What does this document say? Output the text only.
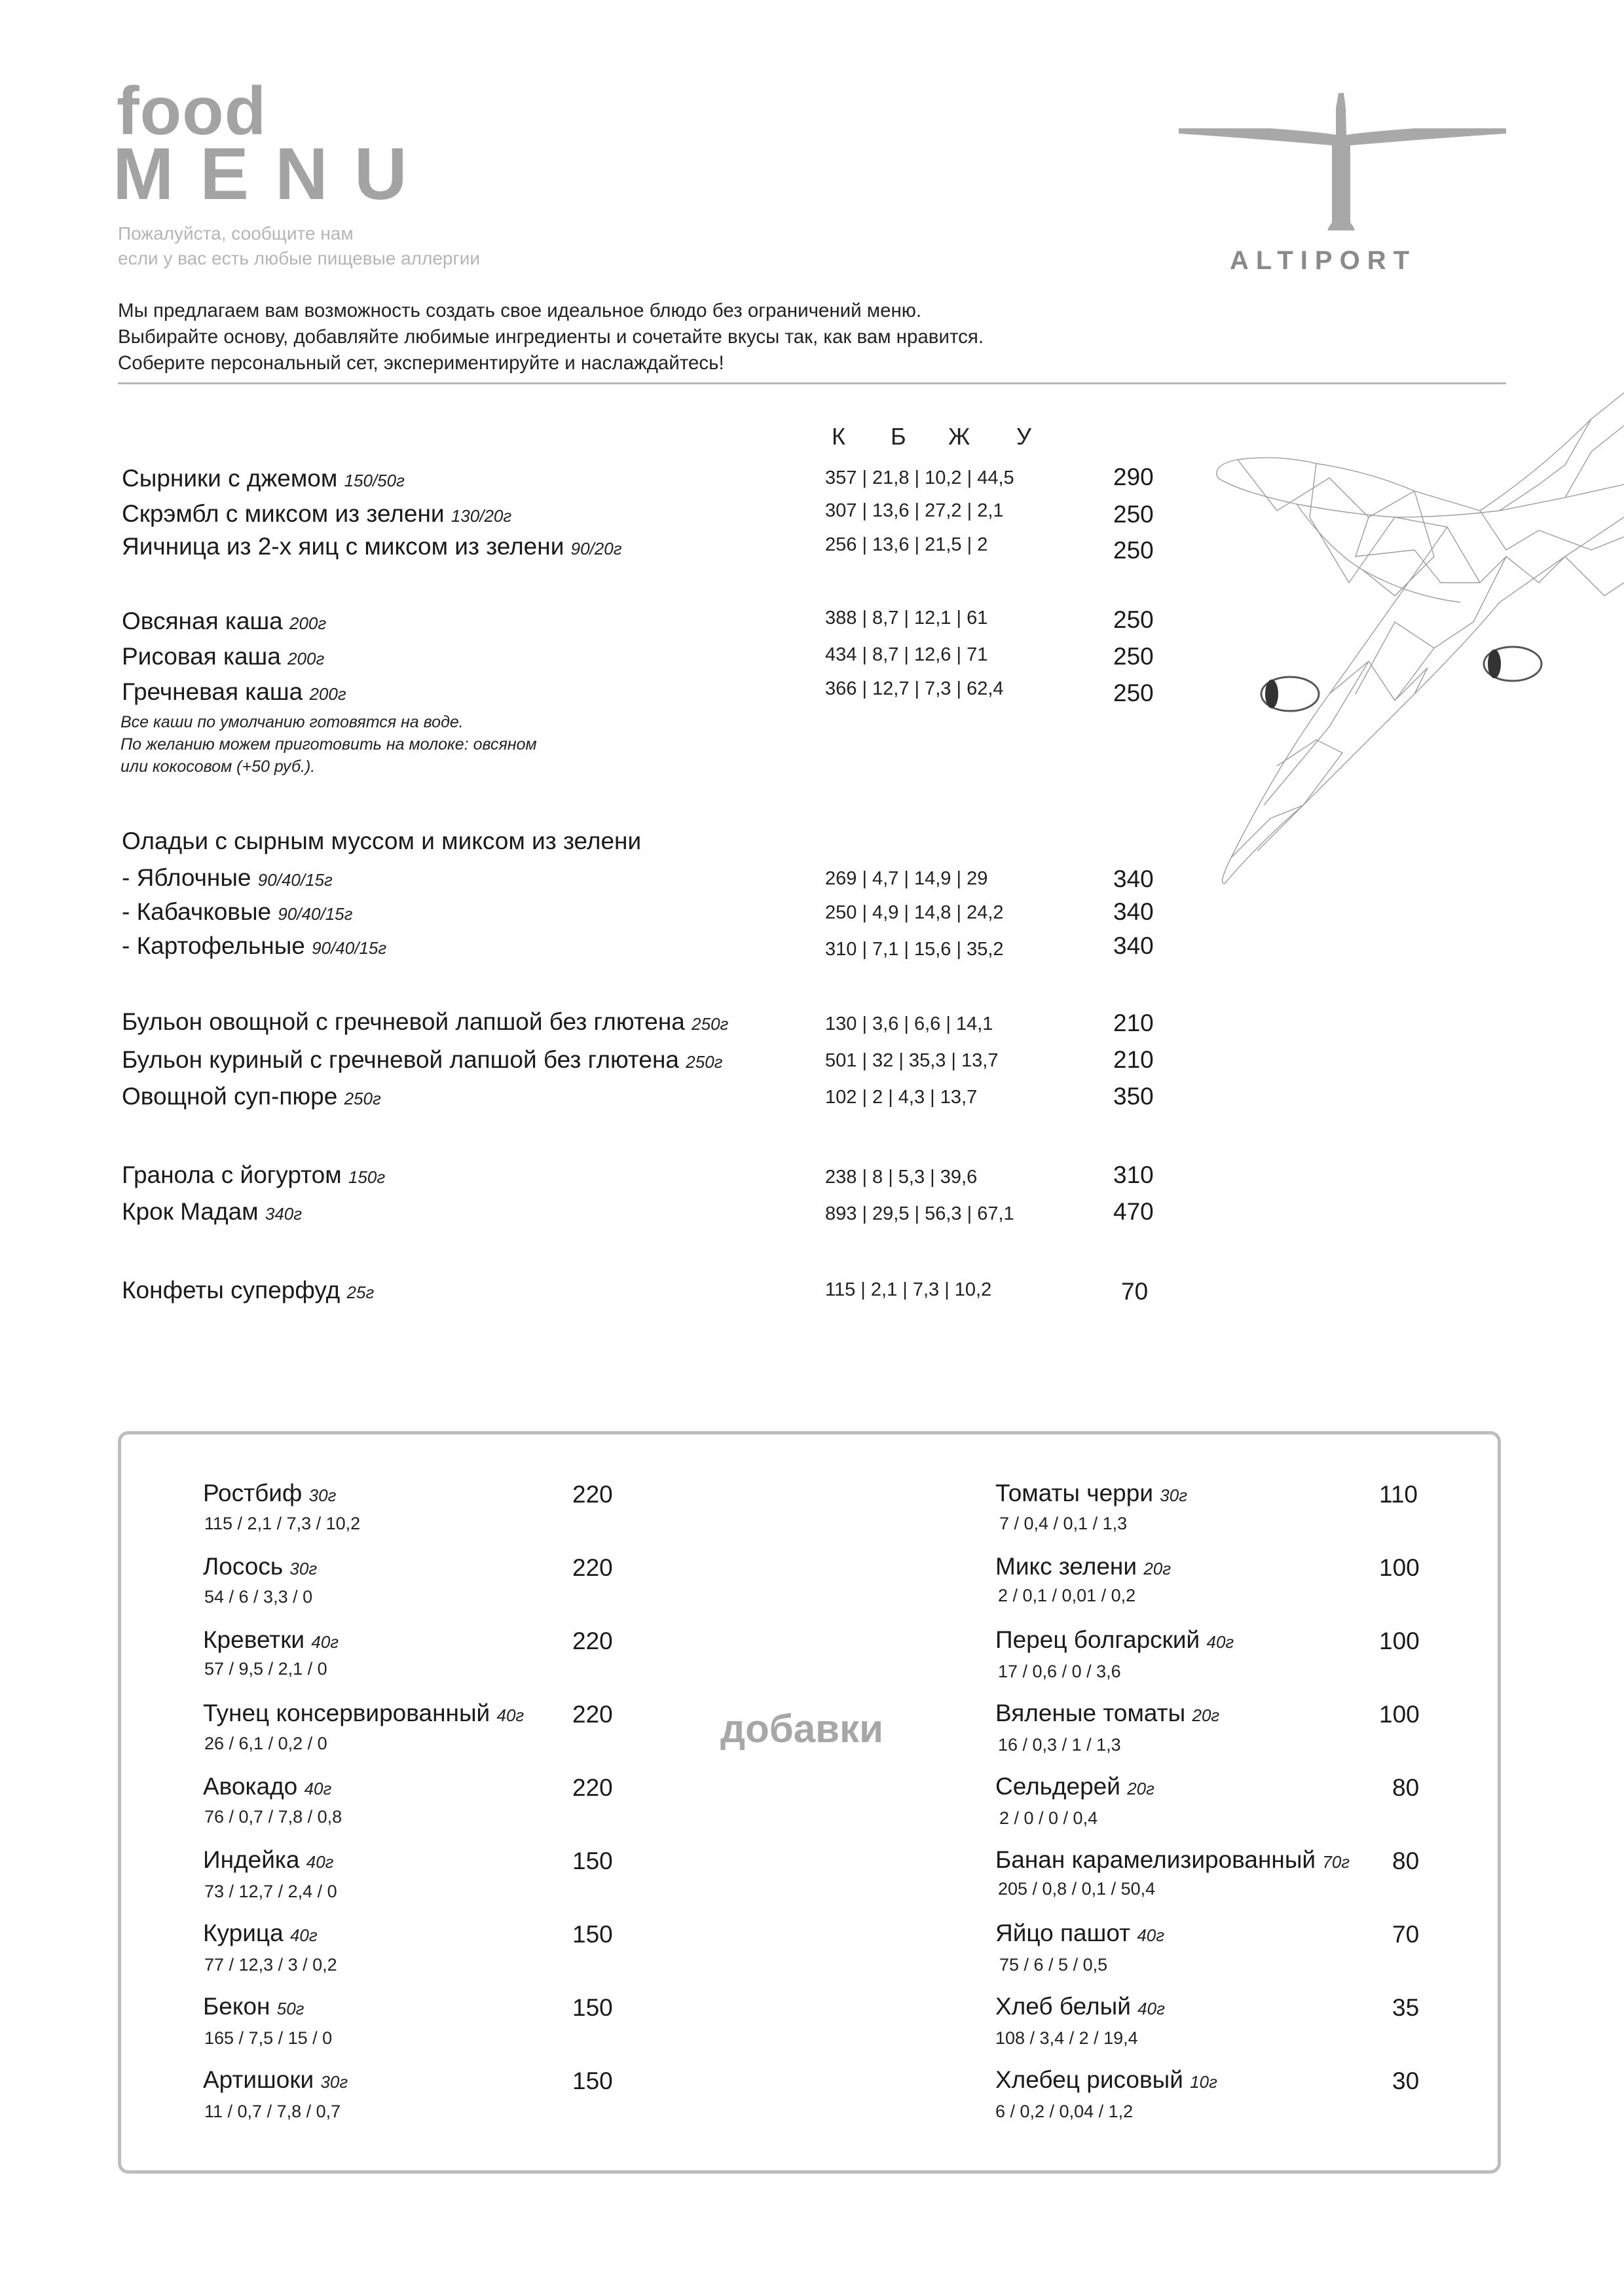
food
MENU
Пожалуйста, сообщите нам
если у вас есть любые пищевые аллергии
Мы предлагаем вам возможность создать свое идеальное блюдо без ограничений меню.
Выбирайте основу, добавляйте любимые ингредиенты и сочетайте вкусы так, как вам нравится.
Соберите персональный сет, экспериментируйте и наслаждайтесь!
ALTIPORT
К Б Ж У
Сырники с джемом 150/50г	357 | 21,8 | 10,2 | 44,5	290
Скрэмбл с миксом из зелени 130/20г	307 | 13,6 | 27,2 | 2,1	250
Яичница из 2-х яиц с миксом из зелени 90/20г	256 | 13,6 | 21,5 | 2	250
Овсяная каша 200г	388 | 8,7 | 12,1 | 61	250
Рисовая каша 200г	434 | 8,7 | 12,6 | 71	250
Гречневая каша 200г	366 | 12,7 | 7,3 | 62,4	250
Все каши по умолчанию готовятся на воде.
По желанию можем приготовить на молоке: овсяном
или кокосовом (+50 руб.).
Оладьи с сырным муссом и миксом из зелени
- Яблочные 90/40/15г	269 | 4,7 | 14,9 | 29	340
- Кабачковые 90/40/15г	250 | 4,9 | 14,8 | 24,2	340
- Картофельные 90/40/15г	310 | 7,1 | 15,6 | 35,2	340
Бульон овощной с гречневой лапшой без глютена 250г	130 | 3,6 | 6,6 | 14,1	210
Бульон куриный с гречневой лапшой без глютена 250г	501 | 32 | 35,3 | 13,7	210
Овощной суп-пюре 250г	102 | 2 | 4,3 | 13,7	350
Гранола с йогуртом 150г	238 | 8 | 5,3 | 39,6	310
Крок Мадам 340г	893 | 29,5 | 56,3 | 67,1	470
Конфеты суперфуд 25г	115 | 2,1 | 7,3 | 10,2	70
добавки
Ростбиф 30г
115 / 2,1 / 7,3 / 10,2
220
Лосось 30г
54 / 6 / 3,3 / 0
220
Креветки 40г
57 / 9,5 / 2,1 / 0
220
Тунец консервированный 40г
26 / 6,1 / 0,2 / 0
220
Авокадо 40г
76 / 0,7 / 7,8 / 0,8
220
Индейка 40г
73 / 12,7 / 2,4 / 0
150
Курица 40г
77 / 12,3 / 3 / 0,2
150
Бекон 50г
165 / 7,5 / 15 / 0
150
Артишоки 30г
11 / 0,7 / 7,8 / 0,7
150
Томаты черри 30г
7 / 0,4 / 0,1 / 1,3
110
Микс зелени 20г
2 / 0,1 / 0,01 / 0,2
100
Перец болгарский 40г
17 / 0,6 / 0 / 3,6
100
Вяленые томаты 20г
16 / 0,3 / 1 / 1,3
100
Сельдерей 20г
2 / 0 / 0 / 0,4
80
Банан карамелизированный 70г
205 / 0,8 / 0,1 / 50,4
80
Яйцо пашот 40г
75 / 6 / 5 / 0,5
70
Хлеб белый 40г
108 / 3,4 / 2 / 19,4
35
Хлебец рисовый 10г
6 / 0,2 / 0,04 / 1,2
30
